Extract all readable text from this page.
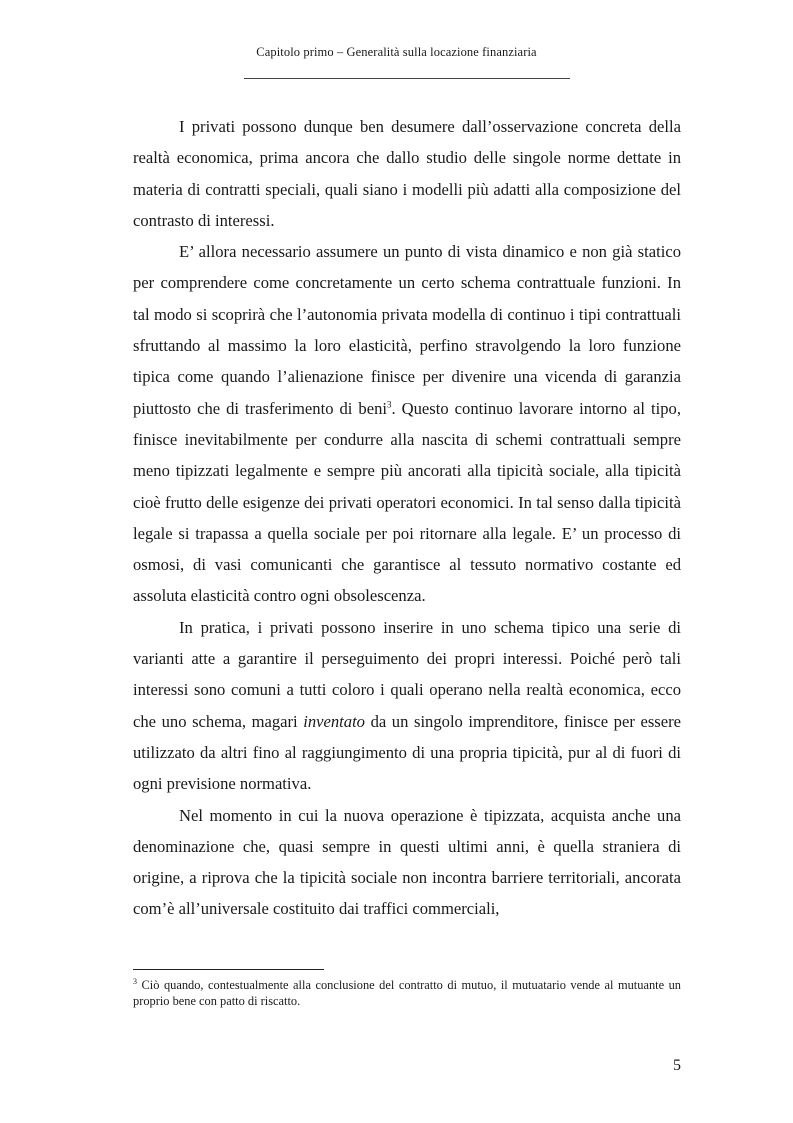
Capitolo primo – Generalità sulla locazione finanziaria

I privati possono dunque ben desumere dall’osservazione concreta della realtà economica, prima ancora che dallo studio delle singole norme dettate in materia di contratti speciali, quali siano i modelli più adatti alla composizione del contrasto di interessi.

E’ allora necessario assumere un punto di vista dinamico e non già statico per comprendere come concretamente un certo schema contrattuale funzioni. In tal modo si scoprirà che l’autonomia privata modella di continuo i tipi contrattuali sfruttando al massimo la loro elasticità, perfino stravolgendo la loro funzione tipica come quando l’alienazione finisce per divenire una vicenda di garanzia piuttosto che di trasferimento di beni$^3$. Questo continuo lavorare intorno al tipo, finisce inevitabilmente per condurre alla nascita di schemi contrattuali sempre meno tipizzati legalmente e sempre più ancorati alla tipicità sociale, alla tipicità cioè frutto delle esigenze dei privati operatori economici. In tal senso dalla tipicità legale si trapassa a quella sociale per poi ritornare alla legale. E’ un processo di osmosi, di vasi comunicanti che garantisce al tessuto normativo costante ed assoluta elasticità contro ogni obsolescenza.

In pratica, i privati possono inserire in uno schema tipico una serie di varianti atte a garantire il perseguimento dei propri interessi. Poiché però tali interessi sono comuni a tutti coloro i quali operano nella realtà economica, ecco che uno schema, magari inventato da un singolo imprenditore, finisce per essere utilizzato da altri fino al raggiungimento di una propria tipicità, pur al di fuori di ogni previsione normativa.

Nel momento in cui la nuova operazione è tipizzata, acquista anche una denominazione che, quasi sempre in questi ultimi anni, è quella straniera di origine, a riprova che la tipicità sociale non incontra barriere territoriali, ancorata com’è all’universale costituito dai traffici commerciali,

$^3$ Ciò quando, contestualmente alla conclusione del contratto di mutuo, il mutuatario vende al mutuante un proprio bene con patto di riscatto.
5
